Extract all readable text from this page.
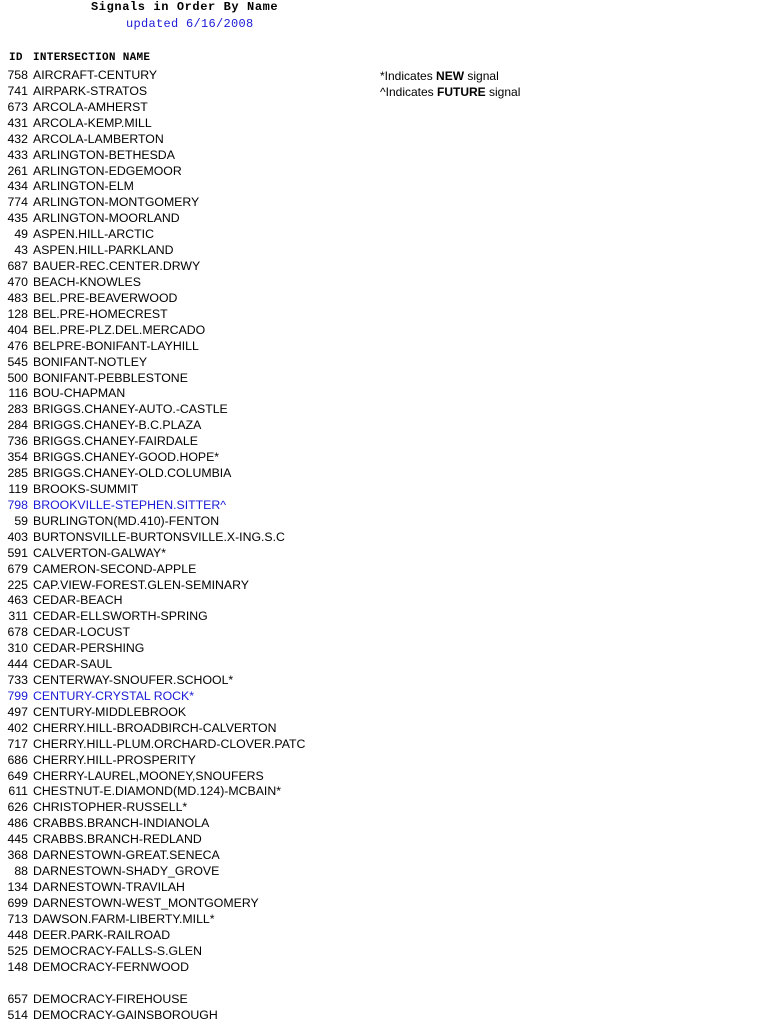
Signals in Order By Name
updated 6/16/2008
ID INTERSECTION NAME
*Indicates NEW signal
^Indicates FUTURE signal
758 AIRCRAFT-CENTURY
741 AIRPARK-STRATOS
673 ARCOLA-AMHERST
431 ARCOLA-KEMP.MILL
432 ARCOLA-LAMBERTON
433 ARLINGTON-BETHESDA
261 ARLINGTON-EDGEMOOR
434 ARLINGTON-ELM
774 ARLINGTON-MONTGOMERY
435 ARLINGTON-MOORLAND
49 ASPEN.HILL-ARCTIC
43 ASPEN.HILL-PARKLAND
687 BAUER-REC.CENTER.DRWY
470 BEACH-KNOWLES
483 BEL.PRE-BEAVERWOOD
128 BEL.PRE-HOMECREST
404 BEL.PRE-PLZ.DEL.MERCADO
476 BELPRE-BONIFANT-LAYHILL
545 BONIFANT-NOTLEY
500 BONIFANT-PEBBLESTONE
116 BOU-CHAPMAN
283 BRIGGS.CHANEY-AUTO.-CASTLE
284 BRIGGS.CHANEY-B.C.PLAZA
736 BRIGGS.CHANEY-FAIRDALE
354 BRIGGS.CHANEY-GOOD.HOPE*
285 BRIGGS.CHANEY-OLD.COLUMBIA
119 BROOKS-SUMMIT
798 BROOKVILLE-STEPHEN.SITTER^
59 BURLINGTON(MD.410)-FENTON
403 BURTONSVILLE-BURTONSVILLE.X-ING.S.C
591 CALVERTON-GALWAY*
679 CAMERON-SECOND-APPLE
225 CAP.VIEW-FOREST.GLEN-SEMINARY
463 CEDAR-BEACH
311 CEDAR-ELLSWORTH-SPRING
678 CEDAR-LOCUST
310 CEDAR-PERSHING
444 CEDAR-SAUL
733 CENTERWAY-SNOUFER.SCHOOL*
799 CENTURY-CRYSTAL ROCK*
497 CENTURY-MIDDLEBROOK
402 CHERRY.HILL-BROADBIRCH-CALVERTON
717 CHERRY.HILL-PLUM.ORCHARD-CLOVER.PATC
686 CHERRY.HILL-PROSPERITY
649 CHERRY-LAUREL,MOONEY,SNOUFERS
611 CHESTNUT-E.DIAMOND(MD.124)-MCBAIN*
626 CHRISTOPHER-RUSSELL*
486 CRABBS.BRANCH-INDIANOLA
445 CRABBS.BRANCH-REDLAND
368 DARNESTOWN-GREAT.SENECA
88 DARNESTOWN-SHADY_GROVE
134 DARNESTOWN-TRAVILAH
699 DARNESTOWN-WEST_MONTGOMERY
713 DAWSON.FARM-LIBERTY.MILL*
448 DEER.PARK-RAILROAD
525 DEMOCRACY-FALLS-S.GLEN
148 DEMOCRACY-FERNWOOD
657 DEMOCRACY-FIREHOUSE
514 DEMOCRACY-GAINSBOROUGH
